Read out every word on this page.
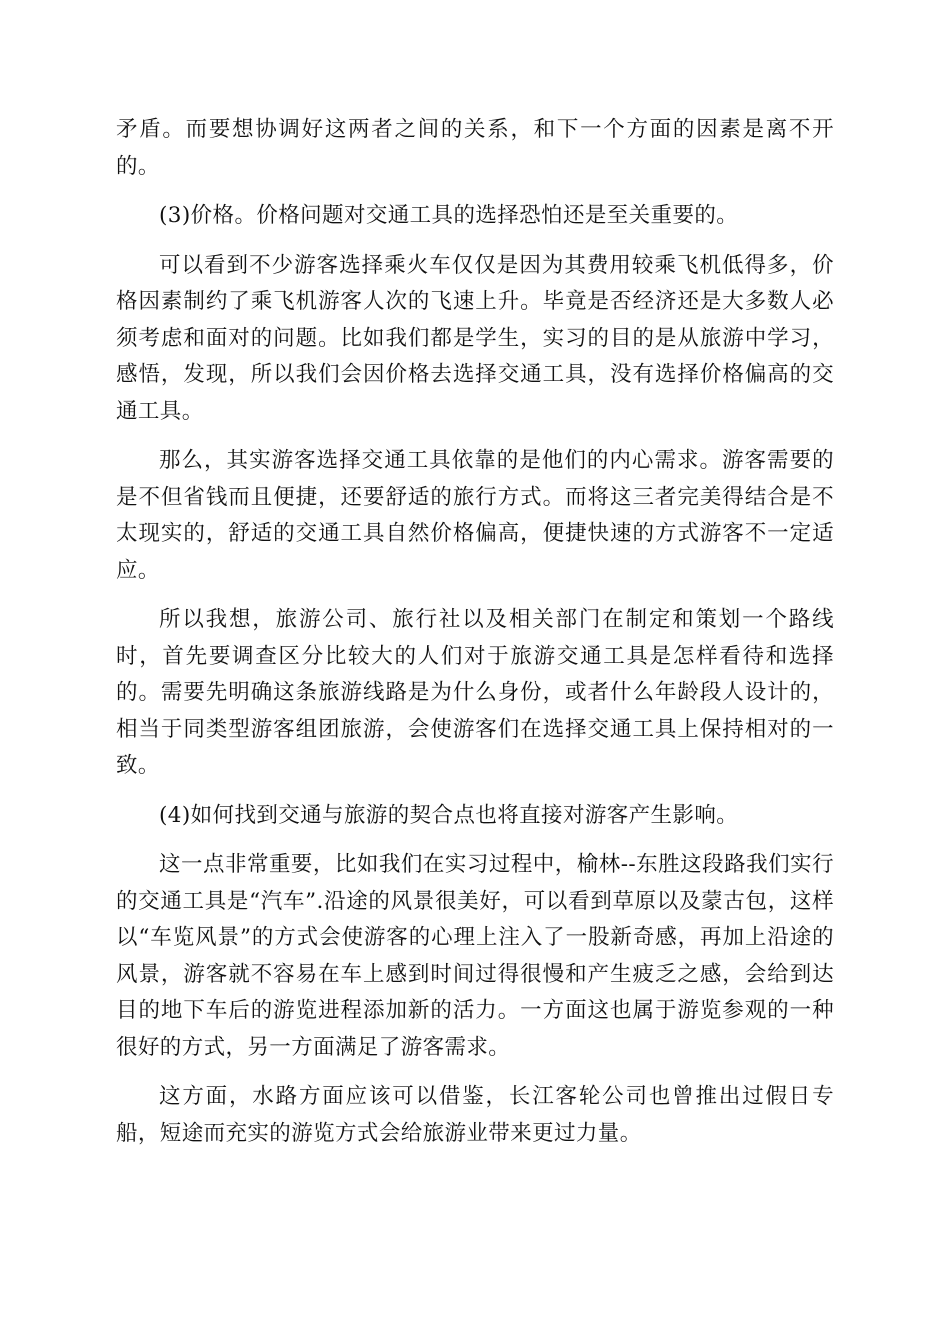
矛盾。而要想协调好这两者之间的关系，和下一个方面的因素是离不开的。

(3)价格。价格问题对交通工具的选择恐怕还是至关重要的。

可以看到不少游客选择乘火车仅仅是因为其费用较乘飞机低得多，价格因素制约了乘飞机游客人次的飞速上升。毕竟是否经济还是大多数人必须考虑和面对的问题。比如我们都是学生，实习的目的是从旅游中学习，感悟，发现，所以我们会因价格去选择交通工具，没有选择价格偏高的交通工具。

那么，其实游客选择交通工具依靠的是他们的内心需求。游客需要的是不但省钱而且便捷，还要舒适的旅行方式。而将这三者完美得结合是不太现实的，舒适的交通工具自然价格偏高，便捷快速的方式游客不一定适应。

所以我想，旅游公司、旅行社以及相关部门在制定和策划一个路线时，首先要调查区分比较大的人们对于旅游交通工具是怎样看待和选择的。需要先明确这条旅游线路是为什么身份，或者什么年龄段人设计的，相当于同类型游客组团旅游，会使游客们在选择交通工具上保持相对的一致。

(4)如何找到交通与旅游的契合点也将直接对游客产生影响。

这一点非常重要，比如我们在实习过程中，榆林--东胜这段路我们实行的交通工具是“汽车”.沿途的风景很美好，可以看到草原以及蒙古包，这样以“车览风景”的方式会使游客的心理上注入了一股新奇感，再加上沿途的风景，游客就不容易在车上感到时间过得很慢和产生疲乏之感，会给到达目的地下车后的游览进程添加新的活力。一方面这也属于游览参观的一种很好的方式，另一方面满足了游客需求。

这方面，水路方面应该可以借鉴，长江客轮公司也曾推出过假日专船，短途而充实的游览方式会给旅游业带来更过力量。
